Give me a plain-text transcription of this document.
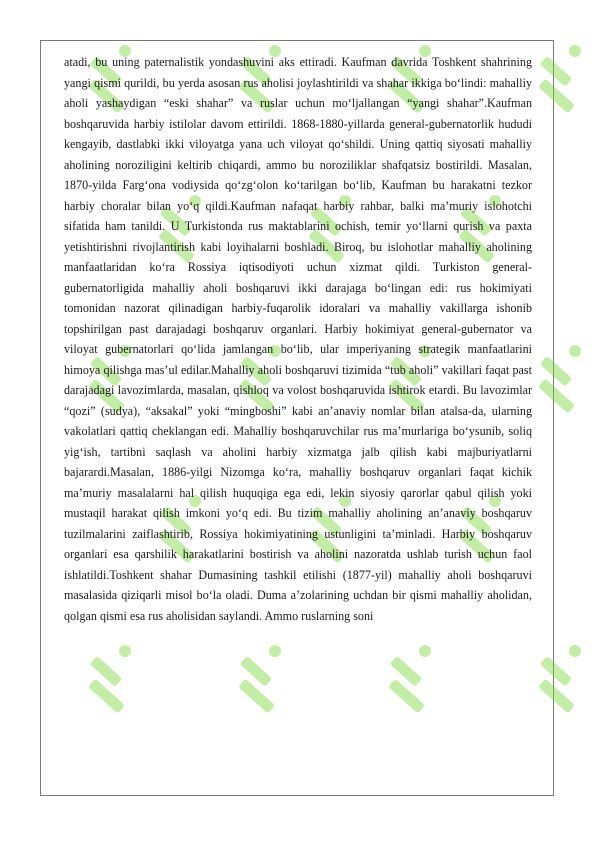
atadi, bu uning paternalistik yondashuvini aks ettiradi. Kaufman davrida Toshkent shahrining yangi qismi qurildi, bu yerda asosan rus aholisi joylashtirildi va shahar ikkiga bo‘lindi: mahalliy aholi yashaydigan “eski shahar” va ruslar uchun mo‘ljallangan “yangi shahar”.Kaufman boshqaruvida harbiy istilolar davom ettirildi. 1868-1880-yillarda general-gubernatorlik hududi kengayib, dastlabki ikki viloyatga yana uch viloyat qo‘shildi. Uning qattiq siyosati mahalliy aholining noroziligini keltirib chiqardi, ammo bu noroziliklar shafqatsiz bostirildi. Masalan, 1870-yilda Farg‘ona vodiysida qo‘zg‘olon ko‘tarilgan bo‘lib, Kaufman bu harakatni tezkor harbiy choralar bilan yo‘q qildi.Kaufman nafaqat harbiy rahbar, balki ma’muriy islohotchi sifatida ham tanildi. U Turkistonda rus maktablarini ochish, temir yo‘llarni qurish va paxta yetishtirishni rivojlantirish kabi loyihalarni boshladi. Biroq, bu islohotlar mahalliy aholining manfaatlaridan ko‘ra Rossiya iqtisodiyoti uchun xizmat qildi. Turkiston general-gubernatorligida mahalliy aholi boshqaruvi ikki darajaga bo‘lingan edi: rus hokimiyati tomonidan nazorat qilinadigan harbiy-fuqarolik idoralari va mahalliy vakillarga ishonib topshirilgan past darajadagi boshqaruv organlari. Harbiy hokimiyat general-gubernator va viloyat gubernatorlari qo‘lida jamlangan bo‘lib, ular imperiyaning strategik manfaatlarini himoya qilishga mas’ul edilar.Mahalliy aholi boshqaruvi tizimida “tub aholi” vakillari faqat past darajadagi lavozimlarda, masalan, qishloq va volost boshqaruvida ishtirok etardi. Bu lavozimlar “qozi” (sudya), “aksakal” yoki “mingboshi” kabi an’anaviy nomlar bilan atalsa-da, ularning vakolatlari qattiq cheklangan edi. Mahalliy boshqaruvchilar rus ma’murlariga bo‘ysunib, soliq yig‘ish, tartibni saqlash va aholini harbiy xizmatga jalb qilish kabi majburiyatlarni bajarardi.Masalan, 1886-yilgi Nizomga ko‘ra, mahalliy boshqaruv organlari faqat kichik ma’muriy masalalarni hal qilish huquqiga ega edi, lekin siyosiy qarorlar qabul qilish yoki mustaqil harakat qilish imkoni yo‘q edi. Bu tizim mahalliy aholining an’anaviy boshqaruv tuzilmalarini zaiflashtirib, Rossiya hokimiyatining ustunligini ta’minladi. Harbiy boshqaruv organlari esa qarshilik harakatlarini bostirish va aholini nazoratda ushlab turish uchun faol ishlatildi.Toshkent shahar Dumasining tashkil etilishi (1877-yil) mahalliy aholi boshqaruvi masalasida qiziqarli misol bo‘la oladi. Duma a’zolarining uchdan bir qismi mahalliy aholidan, qolgan qismi esa rus aholisidan saylandi. Ammo ruslarning soni
